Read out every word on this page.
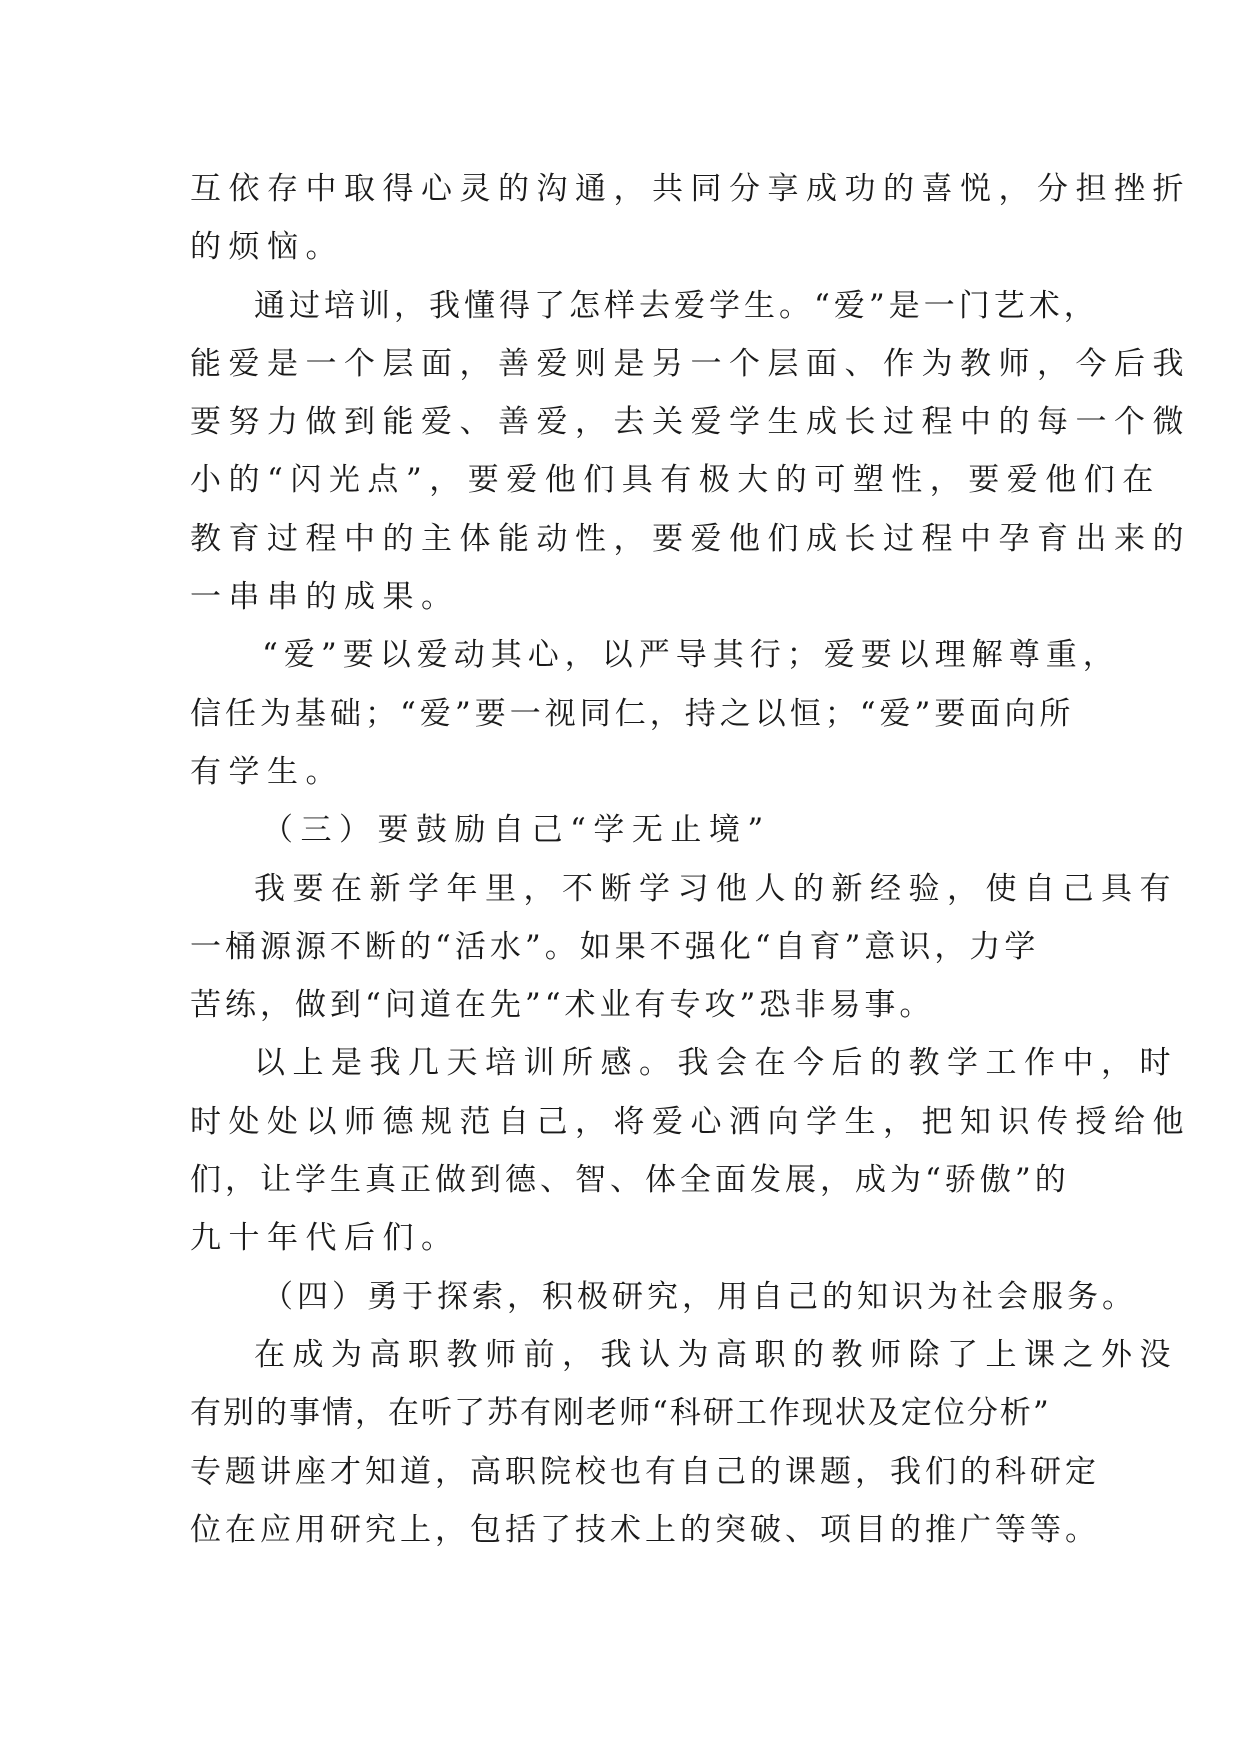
互依存中取得心灵的沟通，共同分享成功的喜悦，分担挫折
的烦恼。
通过培训，我懂得了怎样去爱学生。“爱”是一门艺术，
能爱是一个层面，善爱则是另一个层面、作为教师，今后我
要努力做到能爱、善爱，去关爱学生成长过程中的每一个微
小的“闪光点”，要爱他们具有极大的可塑性，要爱他们在
教育过程中的主体能动性，要爱他们成长过程中孕育出来的
一串串的成果。
“爱”要以爱动其心，以严导其行；爱要以理解尊重，
信任为基础；“爱”要一视同仁，持之以恒；“爱”要面向所
有学生。
（三）要鼓励自己“学无止境”
我要在新学年里，不断学习他人的新经验，使自己具有
一桶源源不断的“活水”。如果不强化“自育”意识，力学
苦练，做到“问道在先”“术业有专攻”恐非易事。
以上是我几天培训所感。我会在今后的教学工作中，时
时处处以师德规范自己，将爱心洒向学生，把知识传授给他
们，让学生真正做到德、智、体全面发展，成为“骄傲”的
九十年代后们。
（四）勇于探索，积极研究，用自己的知识为社会服务。
在成为高职教师前，我认为高职的教师除了上课之外没
有别的事情，在听了苏有刚老师“科研工作现状及定位分析”
专题讲座才知道，高职院校也有自己的课题，我们的科研定
位在应用研究上，包括了技术上的突破、项目的推广等等。
